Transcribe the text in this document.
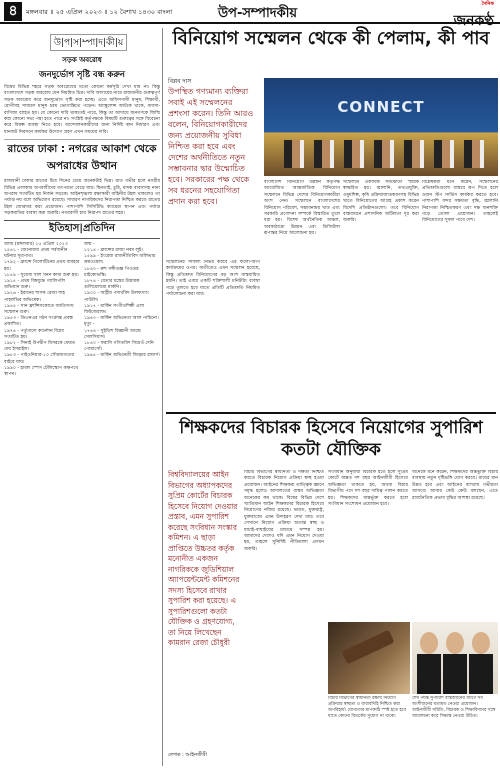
৪	মঙ্গলবার ॥ ২৫ এপ্রিল ২০২৩ ॥ ১২ বৈশাখ ১৪৩০ বাংলা	উপ-সম্পাদকীয়
দৈনিক
জনকণ্ঠ
উ|প|স|ম্পা|দ|কী|য়
সড়ক অবরোধ
জনদুর্ভোগ সৃষ্টি বন্ধ করুন
বিশ্বের বিভিন্ন শহরে সড়ক অবরোধের মতো কোনো কর্মসূচি দেখা যায় না। কিন্তু বাংলাদেশে সড়ক অবরোধ যেন নিয়মিত চিত্র। দাবি আদায়ের নামে রাজধানীর গুরুত্বপূর্ণ সড়ক অবরোধ করে জনদুর্ভোগ সৃষ্টি করা হচ্ছে। এতে অফিসগামী মানুষ, শিক্ষার্থী, রোগীসহ সাধারণ মানুষ চরম ভোগান্তিতে পড়েন। অ্যাম্বুলেন্স আটকে থাকে, ব্যবসা-বাণিজ্য ব্যাহত হয়। যে কোনো দাবি থাকতেই পারে, কিন্তু তা আদায়ে জনগণকে জিম্মি করা কোনো সভ্য পন্থা হতে পারে না। সংশ্লিষ্ট কর্তৃপক্ষকে বিষয়টি গুরুত্বের সঙ্গে বিবেচনা করে বিকল্প ব্যবস্থা নিতে হবে। আন্দোলনকারীদের জন্য নির্দিষ্ট স্থান নির্ধারণ এবং যানজট নিরসনে কার্যকর উদ্যোগ গ্রহণ এখন সময়ের দাবি।
রাতের ঢাকা : নগরের আকাশ থেকে অপরাধের উত্থান
রাজধানী ঢাকার রাতের চিত্র দিনের চেয়ে অনেকটাই ভিন্ন। রাত গভীর হলে নগরীর বিভিন্ন এলাকায় অপরাধীদের তৎপরতা বেড়ে যায়। ছিনতাই, চুরি, মাদক ব্যবসাসহ নানা অপরাধ সংঘটিত হয় নির্জন সড়কে। আইনশৃঙ্খলা রক্ষাকারী বাহিনীর টহল থাকলেও তা পর্যাপ্ত নয় বলে অভিযোগ রয়েছে। সাধারণ নাগরিকদের নিরাপত্তা নিশ্চিত করতে রাতের টহল জোরদার করা প্রয়োজন। পাশাপাশি সিসিটিভি ক্যামেরা স্থাপন এবং পর্যাপ্ত সড়কবাতির ব্যবস্থা করা জরুরি। নগরবাসী চায় নিরাপদ রাতের শহর।
ইতিহাস|প্রতিদিন
আজ (মঙ্গলবার) ২৫ এপ্রিল ২০২৩
১৫৪১ - জেনোয়ায় প্রথম সর্বজনীন ঘটনার সূত্রপাত।
১৭৯২ - ফ্রান্সে গিলোটিনের প্রথম ব্যবহার হয়।
১৮৫৯ - সুয়েজ খাল খনন কাজ শুরু হয়।
১৯১৫ - প্রথম বিশ্বযুদ্ধে গ্যালিপলি অভিযান শুরু।
১৯২৬ - ইরানের শাসক রেজা শাহ পাহলভির অভিষেক।
১৯৪৫ - সান ফ্রান্সিসকোতে জাতিসংঘ সম্মেলন শুরু।
১৯৫৩ - ডিএনএর গঠন সংক্রান্ত প্রবন্ধ প্রকাশিত।
১৯৭৪ - পর্তুগালে কার্নেশন বিপ্লব সংঘটিত হয়।
১৯৮২ - সিনাই উপদ্বীপ মিসরকে ফেরত দেয় ইসরাইল।
১৯৮৩ - পাইওনিয়ার-১০ সৌরজগতের বাইরে যায়।
১৯৯০ - হাবল স্পেস টেলিস্কোপ কক্ষপথে স্থাপন।
জন্ম -
১২১৪ - ফ্রান্সের রাজা নবম লুই।
১৫৯৯ - ইংরেজ রাজনীতিবিদ অলিভার ক্রমওয়েল।
১৮৪০ - রুশ সঙ্গীতজ্ঞ পিওতর চাইকোভস্কি।
১৮৭৪ - বেতার যন্ত্রের উদ্ভাবক গুলিয়েলমো মার্কনি।
১৯০০ - অস্ট্রীয় পদার্থবিদ উলফগ্যাং পাউলি।
১৯১৭ - মার্কিন সংগীতশিল্পী এলা ফিটজেরাল্ড।
১৯৪০ - মার্কিন অভিনেতা আল পাচিনো।
মৃত্যু -
১৭৪৪ - সুইডিশ বিজ্ঞানী আন্দ্রে সেলসিয়াস।
১৮৪০ - ফরাসি গণিতবিদ সিমেওঁ দেনি পোয়াসোঁ।
১৯৯৫ - মার্কিন অভিনেত্রী জিঞ্জার রজার্স।
বিনিয়োগ সম্মেলন থেকে কী পেলাম, কী পাব
বিপ্লব দাস
উপস্থিত গণ্যমান্য ব্যক্তিরা সবাই এই সম্মেলনের প্রশংসা করেন। তিনি আরও বলেন, বিনিয়োগকারীদের জন্য প্রয়োজনীয় সুবিধা নিশ্চিত করা হবে এবং দেশের অর্থনীতিতে নতুন সম্ভাবনার দ্বার উন্মোচিত হবে। সরকারের পক্ষ থেকে সব ধরনের সহযোগিতা প্রদান করা হবে।
CONNECT
সম্মেলনের সাফল্য নির্ভর করবে এর ফলো-আপ কার্যক্রমের ওপর। অতীতেও এমন সম্মেলন হয়েছে, কিন্তু প্রতিশ্রুত বিনিয়োগের বড় অংশ বাস্তবায়িত হয়নি। তাই এবার একটি শক্তিশালী মনিটরিং ব্যবস্থা গড়ে তুলতে হবে যাতে প্রতিটি প্রতিশ্রুতি নিয়মিত পর্যালোচনা করা যায়।
বাংলাদেশ বিনিয়োগ উন্নয়ন কর্তৃপক্ষ আয়োজিত আন্তর্জাতিক বিনিয়োগ সম্মেলনে বিভিন্ন দেশের বিনিয়োগকারীরা অংশ নেন। সম্মেলনে বাংলাদেশের বিনিয়োগ পরিবেশ, সম্ভাবনাময় খাত এবং সরকারি প্রণোদনা সম্পর্কে বিস্তারিত তুলে ধরা হয়। বিশেষ অর্থনৈতিক অঞ্চল, অবকাঠামো উন্নয়ন এবং ডিজিটাল রূপান্তর নিয়ে আলোচনা হয়।
সম্মেলনে একাধিক সমঝোতা স্মারক স্বাক্ষরিত হয়। জ্বালানি, তথ্যপ্রযুক্তি, ওষুধশিল্প, কৃষি প্রক্রিয়াজাতকরণসহ বিভিন্ন খাতে বিনিয়োগের আগ্রহ প্রকাশ করেন বিদেশি প্রতিষ্ঠানগুলো। তবে বিনিয়োগ বাস্তবায়নে প্রশাসনিক জটিলতা দূর করা জরুরি।
বিশ্লেষকরা মনে করেন, সম্মেলনের প্রতিশ্রুতিগুলো বাস্তবে রূপ দিতে হলে ওয়ান স্টপ সার্ভিস কার্যকর করতে হবে। পাশাপাশি বন্দর সক্ষমতা বৃদ্ধি, জ্বালানি নিরাপত্তা নিশ্চিতকরণ এবং দক্ষ জনশক্তি গড়ে তোলা প্রয়োজন। তাহলেই বিনিয়োগের সুফল পাবে দেশ।
শিক্ষকদের বিচারক হিসেবে নিয়োগের সুপারিশ কতটা যৌক্তিক
বিশ্ববিদ্যালয়ের আইন বিভাগের অধ্যাপকদের সুপ্রিম কোর্টের বিচারক হিসেবে নিয়োগ দেওয়ার প্রস্তাব, এমন সুপারিশ করেছে সংবিধান সংস্কার কমিশন। এ ছাড়া প্রাপ্তিতে উচ্চতর কর্তৃক মনোনীত একজন নাগরিককে জুডিশিয়াল অ্যাপয়েন্টমেন্ট কমিশনের সদস্য হিসেবে রাখার সুপারিশ করা হয়েছে। এ সুপারিশগুলো কতটা যৌক্তিক ও গ্রহণযোগ্য, তা নিয়ে লিখেছেন কামরান রেজা চৌধুরী
লেখক : আইনজীবী
বিচার বিভাগের স্বাধীনতা ও দক্ষতা নিশ্চিত করতে বিচারক নিয়োগ প্রক্রিয়া স্বচ্ছ হওয়া প্রয়োজন। আইনের শিক্ষকরা তাত্ত্বিক জ্ঞানে সমৃদ্ধ হলেও আদালতের বাস্তব অভিজ্ঞতা অনেকের কম থাকে। বিশ্বের বিভিন্ন দেশে খ্যাতিমান আইন শিক্ষকদের বিচারক হিসেবে নিয়োগের নজির রয়েছে। ভারত, যুক্তরাষ্ট্র, যুক্তরাজ্যে এমন উদাহরণ দেখা যায়। তবে সেখানে নিয়োগ প্রক্রিয়া অত্যন্ত স্বচ্ছ ও যাচাই-বাছাইয়ের মাধ্যমে সম্পন্ন হয়। আমাদের দেশেও যদি এমন নিয়োগ দেওয়া হয়, তাহলে সুনির্দিষ্ট নীতিমালা প্রণয়ন জরুরি।
সংবিধান অনুযায়ী বিচারক হতে হলে সুপ্রিম কোর্টে অন্তত দশ বছর আইনজীবী হিসেবে অভিজ্ঞতা থাকতে হয়, অথবা বিচার বিভাগীয় পদে দশ বছর দায়িত্ব পালন করতে হয়। শিক্ষকদের অন্তর্ভুক্ত করতে হলে সংবিধান সংশোধন প্রয়োজন হবে।
অনেকে মনে করেন, শিক্ষকদের অন্তর্ভুক্তি বিচার ব্যবস্থায় নতুন দৃষ্টিভঙ্গি যোগ করবে। রায়ের মান উন্নত হবে এবং আইনের ব্যাখ্যায় গভীরতা আসবে। আবার কেউ কেউ বলছেন, এতে রাজনৈতিক প্রভাব বৃদ্ধির আশঙ্কা রয়েছে।
বিচার বিভাগের স্বাধীনতা রক্ষায় নিয়োগ প্রক্রিয়ার স্বচ্ছতা ও জবাবদিহি নিশ্চিত করা অপরিহার্য। যোগ্যতার মাপকাঠি স্পষ্ট হতে হবে যাতে কোনো বিতর্কের সুযোগ না থাকে।
শেষ পর্যন্ত সুপারিশ বাস্তবায়নের আগে সব অংশীজনের মতামত নেওয়া প্রয়োজন। আইনজীবী সমিতি, বিচারক ও শিক্ষাবিদদের সঙ্গে আলোচনা করে সিদ্ধান্ত নেওয়া উচিত।
